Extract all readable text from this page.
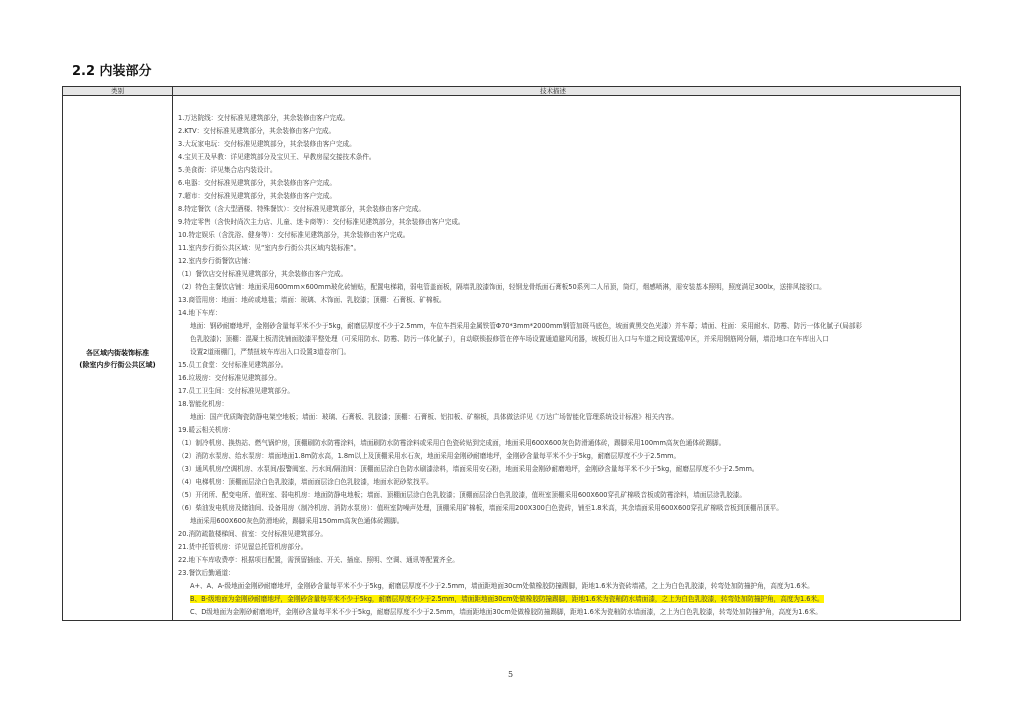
2.2 内装部分
类别	技术描述
各区域内街装饰标准
(除室内步行街公共区域)
1.万达院线：交付标准见建筑部分，其余装修由客户完成。
2.KTV：交付标准见建筑部分，其余装修由客户完成。
3.大玩家电玩：交付标准见建筑部分，其余装修由客户完成。
4.宝贝王及早教：详见建筑部分及宝贝王、早教房屋交接技术条件。
5.美食街：详见集合店内装设计。
6.电器：交付标准见建筑部分，其余装修由客户完成。
7.超市：交付标准见建筑部分，其余装修由客户完成。
8.特定餐饮（含大型酒楼、特殊餐饮）：交付标准见建筑部分，其余装修由客户完成。
9.特定零售（含快时尚次主力店、儿童、迷卡商等）：交付标准见建筑部分，其余装修由客户完成。
10.特定娱乐（含洗浴、健身等）：交付标准见建筑部分，其余装修由客户完成。
11.室内步行街公共区域：见“室内步行街公共区域内装标准”。
12.室内步行街餐饮店铺：
（1）餐饮店交付标准见建筑部分，其余装修由客户完成。
（2）特色主餐饮店铺：地面采用600mm×600mm玻化砖铺贴，配置电梯箱，弱电管盖面板，隔墙乳胶漆饰面，轻钢龙骨纸面石膏板50系列二人吊顶，筒灯，烟感喷淋，需安装基本照明，照度满足300lx，送排风接驳口。
13.商管用房：地面：地砖或地毯；墙面：玻璃、木饰面、乳胶漆；顶棚：石膏板、矿棉板。
14.地下车库：
地面：钢砂耐磨地坪，金刚砂含量每平米不少于5kg，耐磨层厚度不少于2.5mm，车位车挡采用金属铁管Φ70*3mm*2000mm钢管加斑马底色，坡面黄黑交色光漆）并车幕；墙面、柱面：采用耐水、防霉、防污一体化腻子(局部彩
色乳胶漆)；顶棚：混凝土板清洗铺面胶漆平整处理（可采用防水、防霉、防污一体化腻子），自动联锁报修管在停车场设置通道避风闭器，坡板灯出入口与车道之间设置缓冲区，并采用钢筋网分隔，墙沿地口在车库出入口
设置2道雨棚门，严禁扭坡车库出入口设置3道卷帘门。
15.员工食堂：交付标准见建筑部分。
16.垃圾房：交付标准见建筑部分。
17.员工卫生间：交付标准见建筑部分。
18.智能化机房：
地面：国产优质陶瓷防静电架空地板；墙面：玻璃、石膏板、乳胶漆；顶棚：石膏板、铝扣板、矿棉板，具体做法详见《万达广场智能化管理系统设计标准》相关内容。
19.暖云相关机房：
（1）制冷机房、换热站、燃气锅炉房，顶棚刷防水防霉涂料，墙面刷防水防霉涂料或采用白色瓷砖贴到完成面，地面采用600X600灰色防滑通体砖，踢脚采用100mm高灰色通体砖踢脚。
（2）消防水泵房、给水泵房：墙面地面1.8m防水高，1.8m以上及顶棚采用水石灰，地面采用金刚砂耐磨地坪，金刚砂含量每平米不少于5kg，耐磨层厚度不少于2.5mm。
（3）通风机房/空调机房、水泵间/报警阀室、污水间/隔油间：顶棚面层涂白色防水刷漆涂料，墙面采用安石粉，地面采用金刚砂耐磨地坪，金刚砂含量每平米不少于5kg，耐磨层厚度不少于2.5mm。
（4）电梯机房：顶棚面层涂白色乳胶漆，墙面面层涂白色乳胶漆，地面水泥砂浆找平。
（5）开闭所、配变电所、值班室、弱电机房：地面防静电地板；墙面、顶棚面层涂白色乳胶漆；顶棚面层涂白色乳胶漆，值班室顶棚采用600X600穿孔矿棉吸音板或防霉涂料，墙面层涂乳胶漆。
（6）柴油发电机房及储油间、设备用房（制冷机房、消防水泵房）：值班室防噪声处理，顶棚采用矿棉板，墙面采用200X300白色瓷砖，铺至1.8米高，其余墙面采用600X600穿孔矿棉吸音板到顶棚吊顶平。
地面采用600X600灰色防滑地砖，踢脚采用150mm高灰色通体砖踢脚。
20.消防疏散楼梯间、前室：交付标准见建筑部分。
21.货中托管机房：详见留总托管机房部分。
22.地下车库收费亭：根据项目配置，需预留插座、开关、插座、照明、空调、通讯等配置齐全。
23.餐饮后勤通道：
A+、A、A-级地面金刚砂耐磨地坪，金刚砂含量每平米不少于5kg，耐磨层厚度不少于2.5mm，墙面距地面30cm处做橡胶防撞踢脚，距地1.6米为瓷砖墙裙，之上为白色乳胶漆，转弯处加防撞护角，高度为1.6米。
B、B-级地面为金刚砂耐磨地坪，金刚砂含量每平米不少于5kg，耐磨层厚度不少于2.5mm，墙面距地面30cm处做橡胶防撞踢脚，距地1.6米为瓷釉防水墙面漆，之上为白色乳胶漆，转弯处加防撞护角，高度为1.6米。
C、D级地面为金刚砂耐磨地坪，金刚砂含量每平米不少于5kg，耐磨层厚度不少于2.5mm，墙面距地面30cm处做橡胶防撞踢脚，距地1.6米为瓷釉防水墙面漆，之上为白色乳胶漆，转弯处加防撞护角，高度为1.6米。
5
